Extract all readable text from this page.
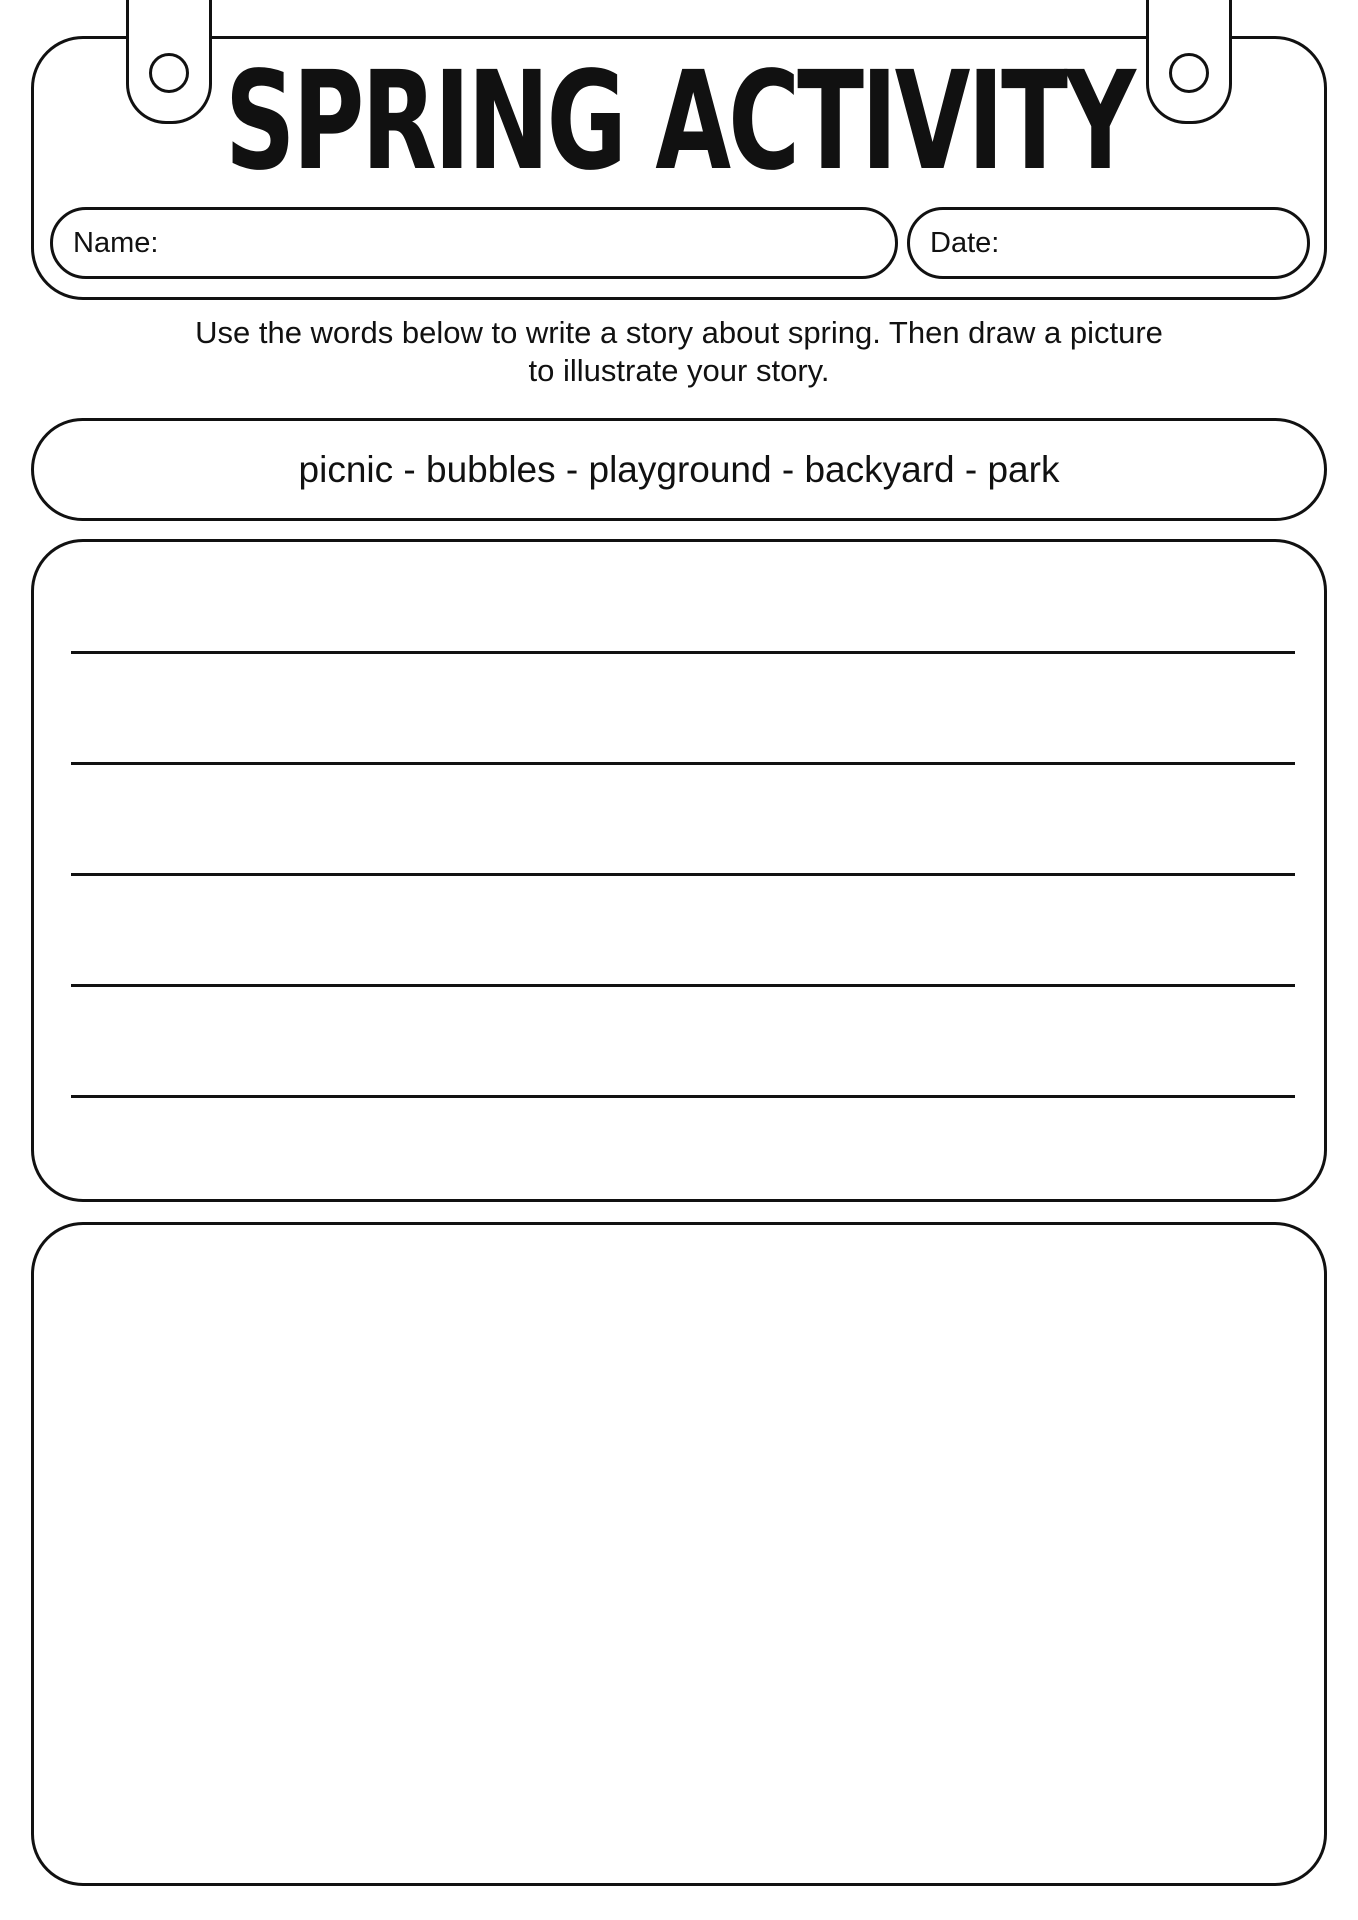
SPRING ACTIVITY
Name:	Date:
Use the words below to write a story about spring. Then draw a picture
to illustrate your story.
picnic - bubbles - playground - backyard - park
